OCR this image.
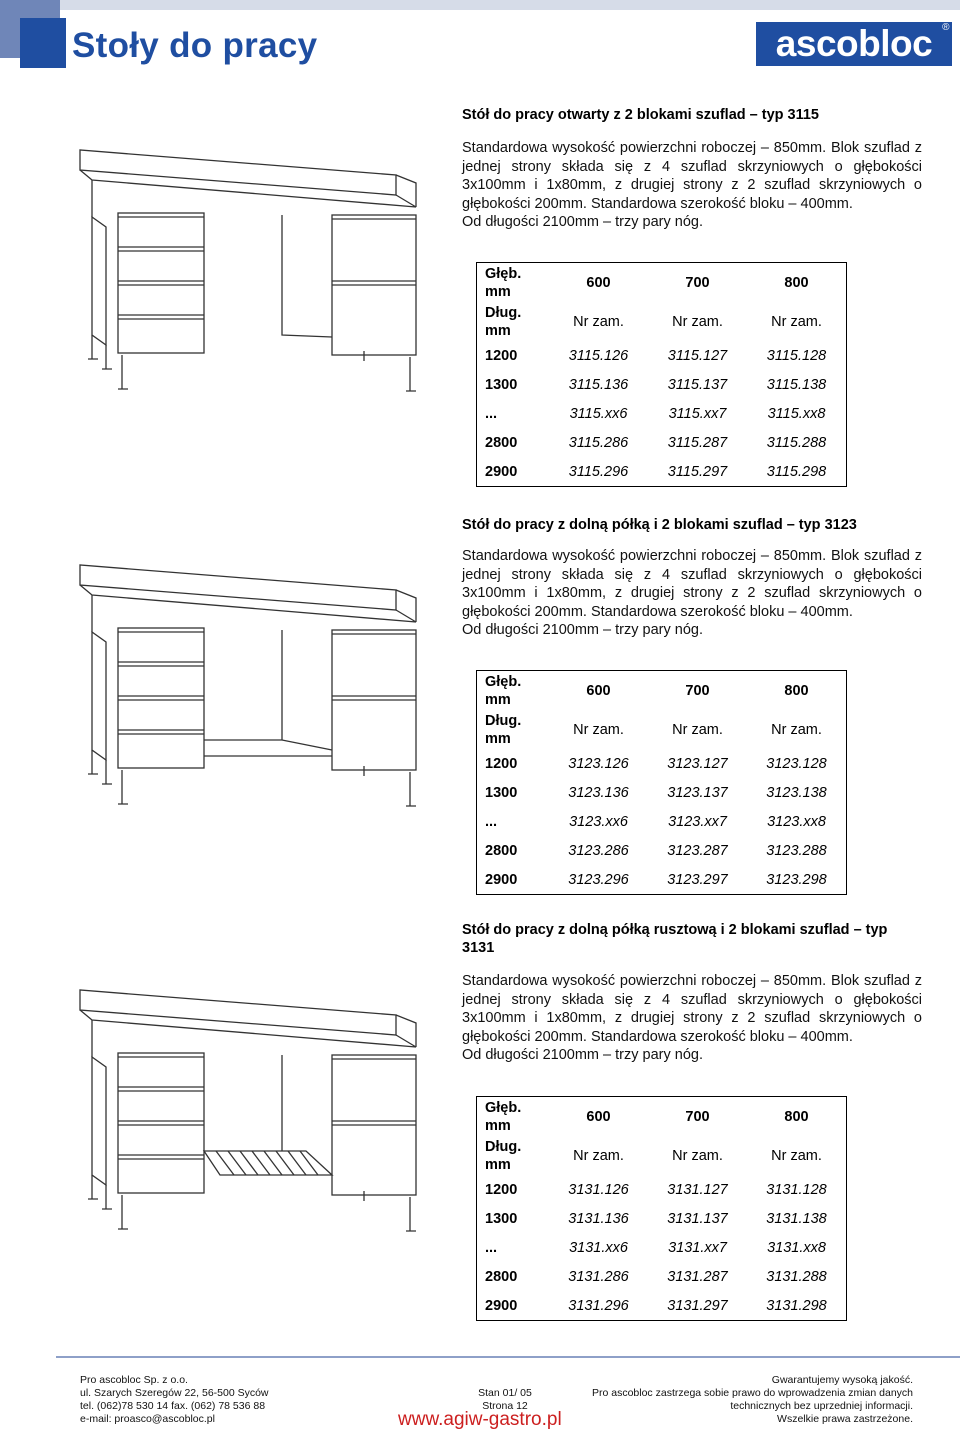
Stoły do pracy	ascobloc ®
Stół do pracy otwarty z 2 blokami szuflad – typ 3115

Standardowa wysokość powierzchni roboczej – 850mm. Blok szuflad z jednej strony składa się z 4 szuflad skrzyniowych o głębokości 3x100mm i 1x80mm, z drugiej strony z 2 szuflad skrzyniowych o głębokości 200mm. Standardowa szerokość bloku – 400mm.

Od długości 2100mm – trzy pary nóg.

Głęb. mm	600	700	800
Dług. mm	Nr zam.	Nr zam.	Nr zam.
1200	3115.126	3115.127	3115.128
1300	3115.136	3115.137	3115.138
...	3115.xx6	3115.xx7	3115.xx8
2800	3115.286	3115.287	3115.288
2900	3115.296	3115.297	3115.298
Stół do pracy z dolną półką i 2 blokami szuflad – typ 3123

Standardowa wysokość powierzchni roboczej – 850mm. Blok szuflad z jednej strony składa się z 4 szuflad skrzyniowych o głębokości 3x100mm i 1x80mm, z drugiej strony z 2 szuflad skrzyniowych o głębokości 200mm. Standardowa szerokość bloku – 400mm.

Od długości 2100mm – trzy pary nóg.

Głęb. mm	600	700	800
Dług. mm	Nr zam.	Nr zam.	Nr zam.
1200	3123.126	3123.127	3123.128
1300	3123.136	3123.137	3123.138
...	3123.xx6	3123.xx7	3123.xx8
2800	3123.286	3123.287	3123.288
2900	3123.296	3123.297	3123.298
Stół do pracy z dolną półką rusztową i 2 blokami szuflad – typ 3131

Standardowa wysokość powierzchni roboczej – 850mm. Blok szuflad z jednej strony składa się z 4 szuflad skrzyniowych o głębokości 3x100mm i 1x80mm, z drugiej strony z 2 szuflad skrzyniowych o głębokości 200mm. Standardowa szerokość bloku – 400mm.

Od długości 2100mm – trzy pary nóg.

Głęb. mm	600	700	800
Dług. mm	Nr zam.	Nr zam.	Nr zam.
1200	3131.126	3131.127	3131.128
1300	3131.136	3131.137	3131.138
...	3131.xx6	3131.xx7	3131.xx8
2800	3131.286	3131.287	3131.288
2900	3131.296	3131.297	3131.298
Pro ascobloc Sp. z o.o.
ul. Szarych Szeregów 22, 56-500 Syców
tel. (062)78 530 14 fax. (062) 78 536 88
e-mail: proasco@ascobloc.pl
Stan 01/ 05
Strona 12
Gwarantujemy wysoką jakość.
Pro ascobloc zastrzega sobie prawo do wprowadzenia zmian danych
technicznych bez uprzedniej informacji.
Wszelkie prawa zastrzeżone.
www.agiw-gastro.pl
